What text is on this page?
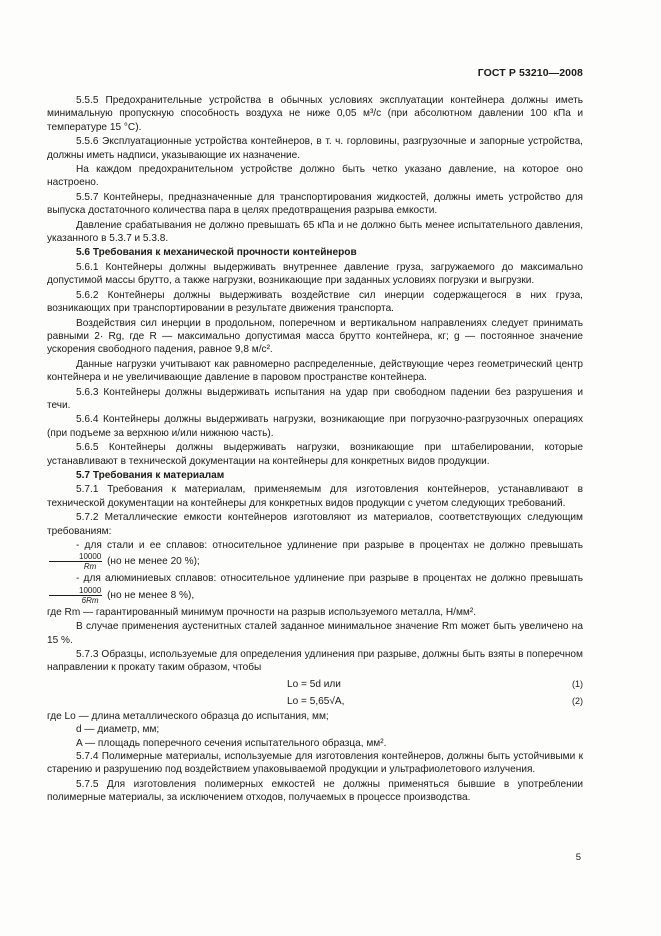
ГОСТ Р 53210—2008

5.5.5 Предохранительные устройства в обычных условиях эксплуатации контейнера должны иметь минимальную пропускную способность воздуха не ниже 0,05 м³/с (при абсолютном давлении 100 кПа и температуре 15 °С).

5.5.6 Эксплуатационные устройства контейнеров, в т. ч. горловины, разгрузочные и запорные устройства, должны иметь надписи, указывающие их назначение.

На каждом предохранительном устройстве должно быть четко указано давление, на которое оно настроено.

5.5.7 Контейнеры, предназначенные для транспортирования жидкостей, должны иметь устройство для выпуска достаточного количества пара в целях предотвращения разрыва емкости.

Давление срабатывания не должно превышать 65 кПа и не должно быть менее испытательного давления, указанного в 5.3.7 и 5.3.8.

5.6 Требования к механической прочности контейнеров

5.6.1 Контейнеры должны выдерживать внутреннее давление груза, загружаемого до максимально допустимой массы брутто, а также нагрузки, возникающие при заданных условиях погрузки и выгрузки.

5.6.2 Контейнеры должны выдерживать воздействие сил инерции содержащегося в них груза, возникающих при транспортировании в результате движения транспорта.

Воздействия сил инерции в продольном, поперечном и вертикальном направлениях следует принимать равными 2· Rg, где R — максимально допустимая масса брутто контейнера, кг; g — постоянное значение ускорения свободного падения, равное 9,8 м/с².

Данные нагрузки учитывают как равномерно распределенные, действующие через геометрический центр контейнера и не увеличивающие давление в паровом пространстве контейнера.

5.6.3 Контейнеры должны выдерживать испытания на удар при свободном падении без разрушения и течи.

5.6.4 Контейнеры должны выдерживать нагрузки, возникающие при погрузочно-разгрузочных операциях (при подъеме за верхнюю и/или нижнюю часть).

5.6.5 Контейнеры должны выдерживать нагрузки, возникающие при штабелировании, которые устанавливают в технической документации на контейнеры для конкретных видов продукции.

5.7 Требования к материалам

5.7.1 Требования к материалам, применяемым для изготовления контейнеров, устанавливают в технической документации на контейнеры для конкретных видов продукции с учетом следующих требований.

5.7.2 Металлические емкости контейнеров изготовляют из материалов, соответствующих следующим требованиям:

- для стали и ее сплавов: относительное удлинение при разрыве в процентах не должно превышать
$\frac{10000}{Rm} (но$ не менее 20 %);

- для алюминиевых сплавов: относительное удлинение при разрыве в процентах не должно превышать
$\frac{10000}{6Rm} (но$ не менее 8 %),

где Rm — гарантированный минимум прочности на разрыв используемого металла, Н/мм².

В случае применения аустенитных сталей заданное минимальное значение Rm может быть увеличено на 15 %.

5.7.3 Образцы, используемые для определения удлинения при разрыве, должны быть взяты в поперечном направлении к прокату таким образом, чтобы

Lo = 5d или	(1)
Lo = 5,65√A,	(2)
где Lo — длина металлического образца до испытания, мм;
d — диаметр, мм;
A — площадь поперечного сечения испытательного образца, мм².

5.7.4 Полимерные материалы, используемые для изготовления контейнеров, должны быть устойчивыми к старению и разрушению под воздействием упаковываемой продукции и ультрафиолетового излучения.

5.7.5 Для изготовления полимерных емкостей не должны применяться бывшие в употреблении полимерные материалы, за исключением отходов, получаемых в процессе производства.

5
